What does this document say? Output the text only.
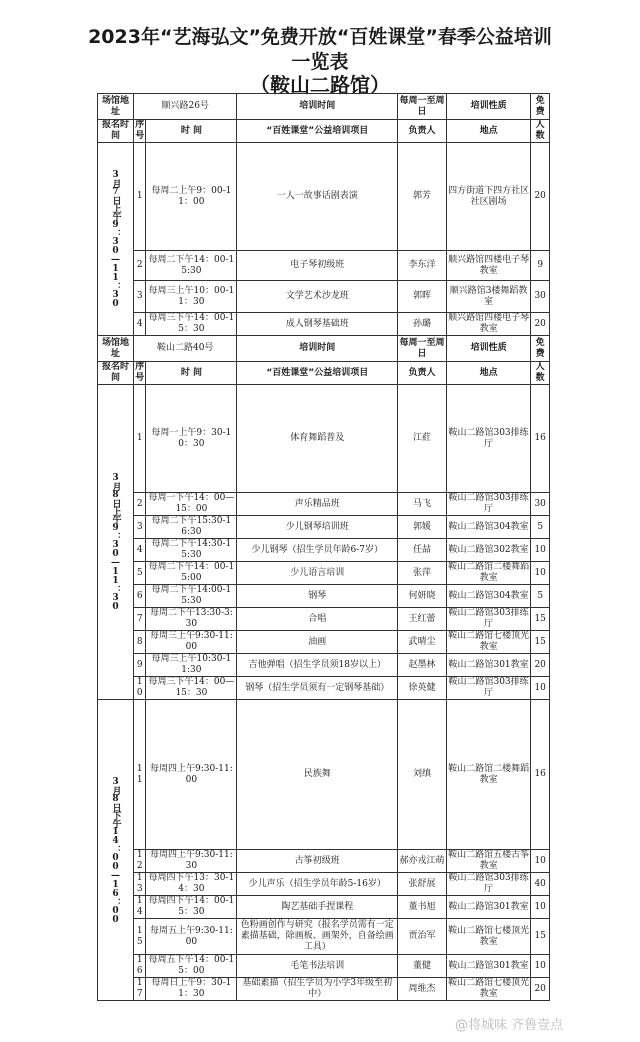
2023年“艺海弘文”免费开放“百姓课堂”春季公益培训
一览表
（鞍山二路馆）
场馆地址	顺兴路26号		培训时间	每周一至周日	培训性质	免费
报名时间	序号	时 间	“百姓课堂”公益培训项目	负责人	地点	人数

3月7日上午9：30—11：30	1	每周二上午9：00-11：00	一人一故事话剧表演	郭芳	四方街道下四方社区社区剧场	20
	2	每周二下午14：00-15:30	电子琴初级班	李东洋	顺兴路馆四楼电子琴教室	9
	3	每周三上午10：00-11：30	文学艺术沙龙班	郭晖	顺兴路馆3楼舞蹈教室	30
	4	每周三下午14：00-15：30	成人钢琴基础班	孙璐	顺兴路馆四楼电子琴教室	20
场馆地址	鞍山二路40号		培训时间	每周一至周日	培训性质	免费
报名时间	序号	时 间	“百姓课堂”公益培训项目	负责人	地点	人数

3月8日上午9：30—11：30	1	每周一上午9：30-10：30	体育舞蹈普及	江葒	鞍山二路馆303排练厅	16
	2	每周一下午14：00—15：00	声乐精品班	马飞	鞍山二路馆303排练厅	30
	3	每周二下午15:30-16:30	少儿钢琴培训班	郭媛	鞍山二路馆304教室	5
	4	每周二下午14:30-15:30	少儿钢琴（招生学员年龄6-7岁）	任喆	鞍山二路馆302教室	10
	5	每周二下午14：00-15:00	少儿语言培训	张萍	鞍山二路馆二楼舞蹈教室	10
	6	每周二下午14:00-15:30	钢琴	何妍晓	鞍山二路馆304教室	5
	7	每周二下午13:30-3:30	合唱	王红蕾	鞍山二路馆303排练厅	15
	8	每周三上午9:30-11:00	油画	武晴尘	鞍山二路馆七楼顶光教室	15
	9	每周三上午10:30-11:30	吉他弹唱（招生学员须18岁以上）	赵墨林	鞍山二路馆301教室	20
	10	每周三下午14：00—15：30	钢琴（招生学员须有一定钢琴基础）	徐英健	鞍山二路馆303排练厅	10

3月8日下午14：00—16：00	11	每周四上午9:30-11:00	民族舞	刘缜	鞍山二路馆二楼舞蹈教室	16
	12	每周四上午9:30-11:30	古筝初级班	郝亦戎江萌	鞍山二路馆五楼古筝教室	10
	13	每周四下午13：30-14：30	少儿声乐（招生学员年龄5-16岁）	张舒展	鞍山二路馆303排练厅	40
	14	每周四下午14：00-15：30	陶艺基础手捏课程	董书旭	鞍山二路馆301教室	10
	15	每周五上午9:30-11:00	色粉画创作与研究（报名学员需有一定素描基础，除画板、画架外，自备绘画工具）	贾治军	鞍山二路馆七楼顶光教室	15
	16	每周五下午14：00-15：00	毛笔书法培训	董健	鞍山二路馆301教室	10
	17	每周日上午9：30-11：30	基础素描（招生学员为小学3年级至初中）	周维杰	鞍山二路馆七楼顶光教室	20
@将城味 齐鲁壹点
